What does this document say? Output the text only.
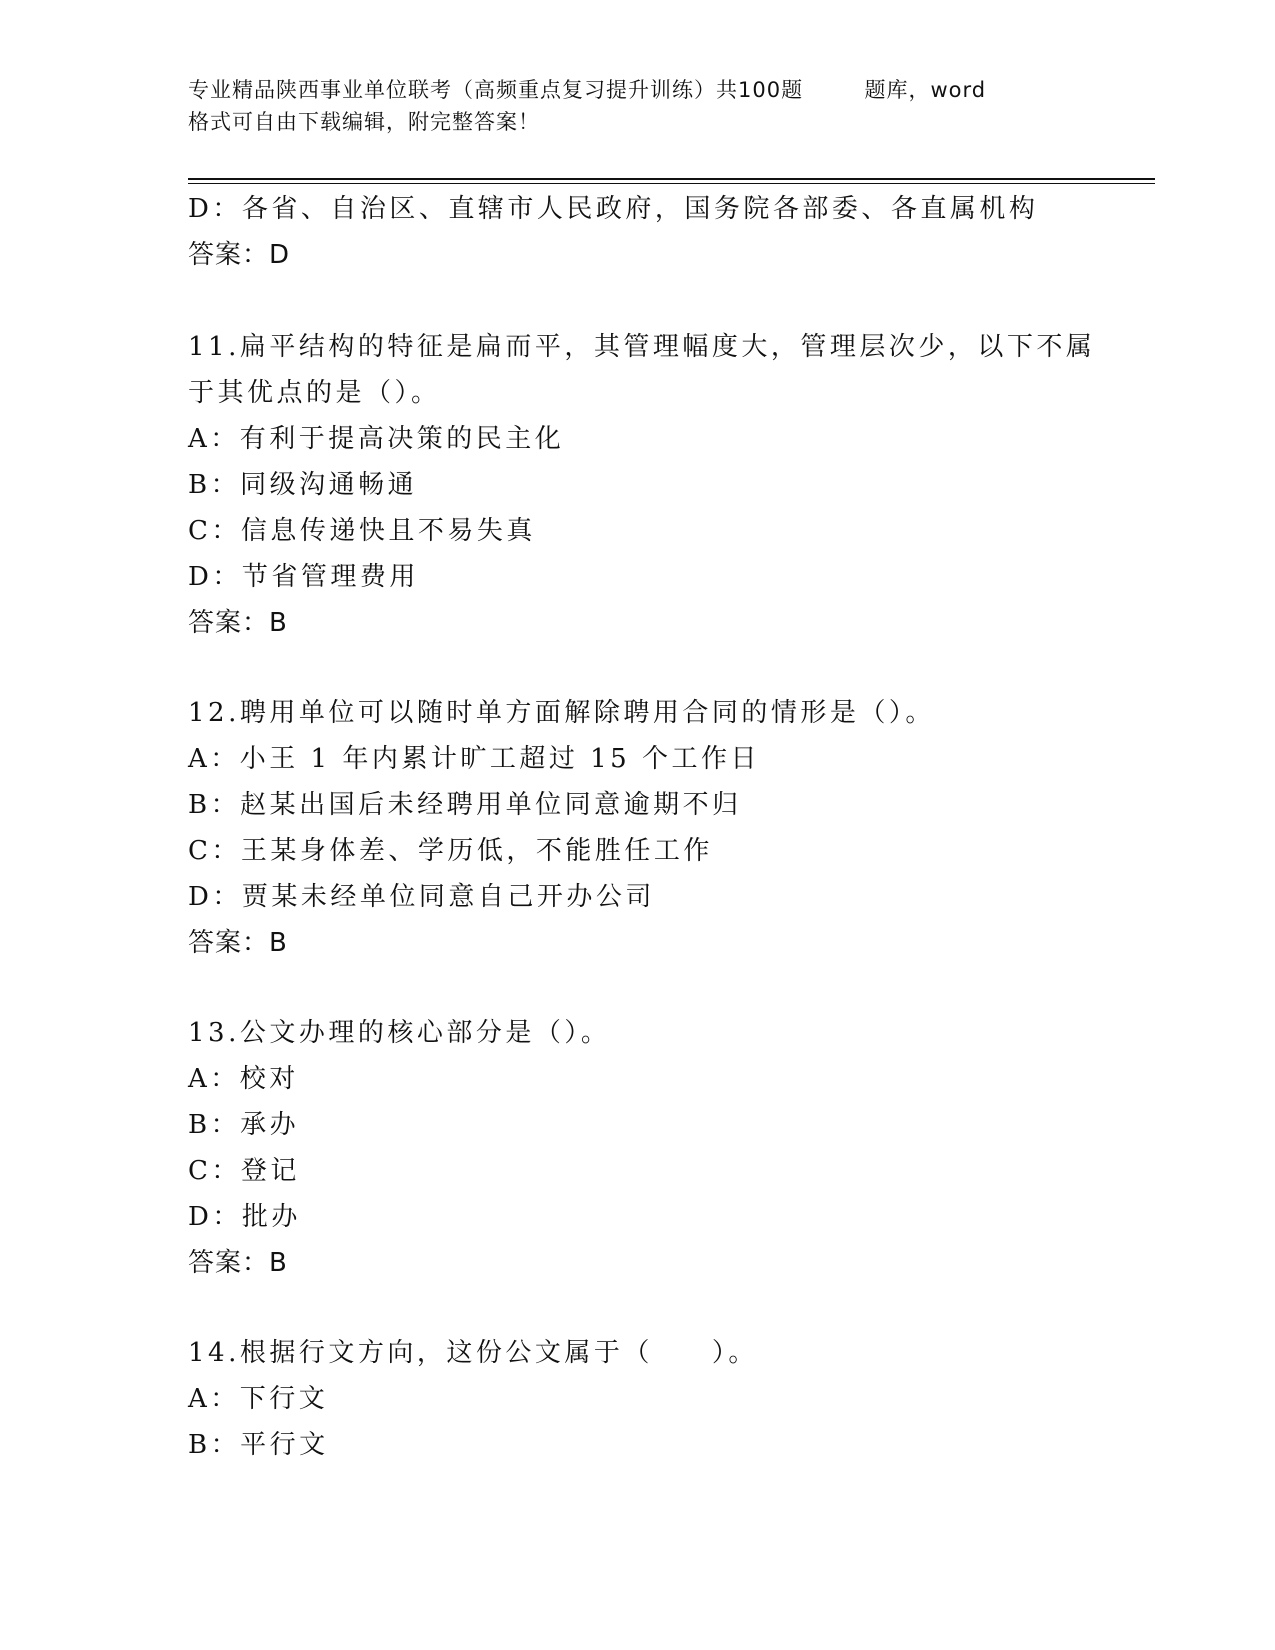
专业精品陕西事业单位联考（高频重点复习提升训练）共100题        题库，word
格式可自由下载编辑，附完整答案！
D：各省、自治区、直辖市人民政府，国务院各部委、各直属机构
答案：D
11.扁平结构的特征是扁而平，其管理幅度大，管理层次少，以下不属
于其优点的是（）。
A：有利于提高决策的民主化
B：同级沟通畅通
C：信息传递快且不易失真
D：节省管理费用
答案：B
12.聘用单位可以随时单方面解除聘用合同的情形是（）。
A：小王 1 年内累计旷工超过 15 个工作日
B：赵某出国后未经聘用单位同意逾期不归
C：王某身体差、学历低，不能胜任工作
D：贾某未经单位同意自己开办公司
答案：B
13.公文办理的核心部分是（）。
A：校对
B：承办
C：登记
D：批办
答案：B
14.根据行文方向，这份公文属于（　　）。
A：下行文
B：平行文
